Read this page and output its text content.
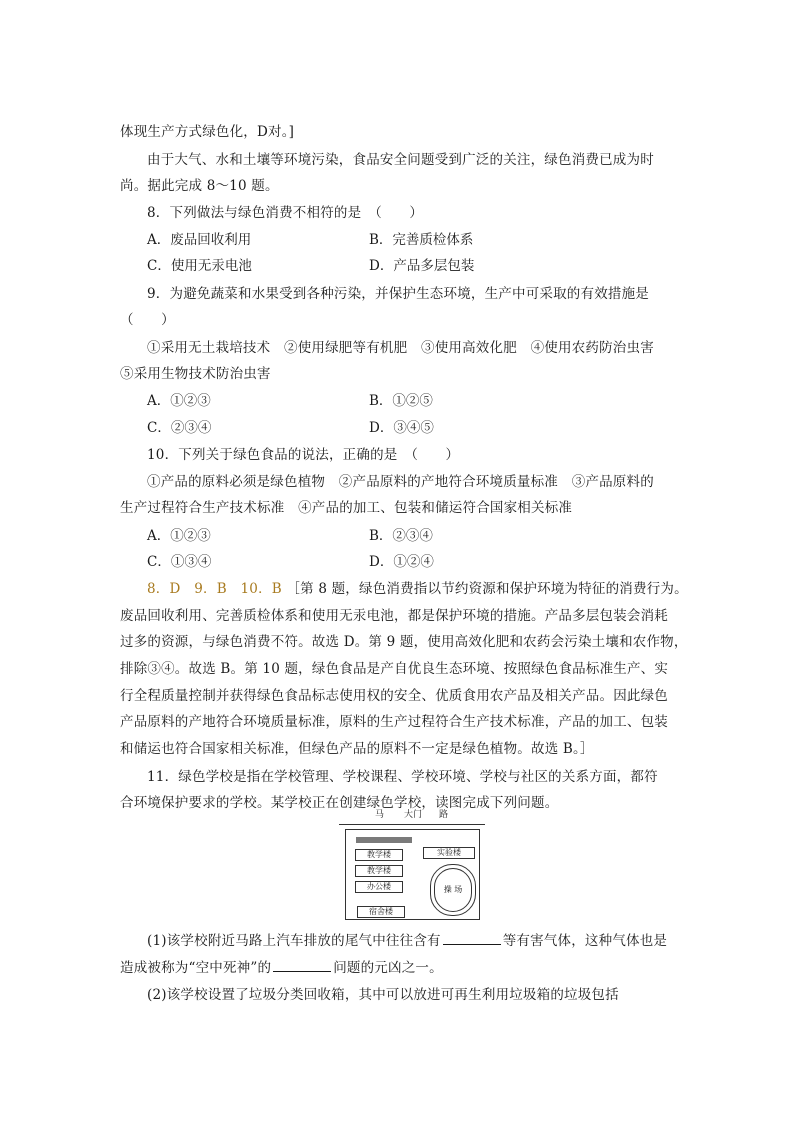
体现生产方式绿色化，D对。]
由于大气、水和土壤等环境污染，食品安全问题受到广泛的关注，绿色消费已成为时
尚。据此完成 8～10 题。
8．下列做法与绿色消费不相符的是　（　　）
A．废品回收利用	B．完善质检体系
C．使用无汞电池	D．产品多层包装
9．为避免蔬菜和水果受到各种污染，并保护生态环境，生产中可采取的有效措施是
（　　）
①采用无土栽培技术　②使用绿肥等有机肥　③使用高效化肥　④使用农药防治虫害
⑤采用生物技术防治虫害
A．①②③	B．①②⑤
C．②③④	D．③④⑤
10．下列关于绿色食品的说法，正确的是　（　　）
①产品的原料必须是绿色植物　②产品原料的产地符合环境质量标准　③产品原料的
生产过程符合生产技术标准　④产品的加工、包装和储运符合国家相关标准
A．①②③	B．②③④
C．①③④	D．①②④
8．D　9．B　10．B ［第 8 题，绿色消费指以节约资源和保护环境为特征的消费行为。
废品回收利用、完善质检体系和使用无汞电池，都是保护环境的措施。产品多层包装会消耗
过多的资源，与绿色消费不符。故选 D。第 9 题，使用高效化肥和农药会污染土壤和农作物，
排除③④。故选 B。第 10 题，绿色食品是产自优良生态环境、按照绿色食品标准生产、实
行全程质量控制并获得绿色食品标志使用权的安全、优质食用农产品及相关产品。因此绿色
产品原料的产地符合环境质量标准，原料的生产过程符合生产技术标准，产品的加工、包装
和储运也符合国家相关标准，但绿色产品的原料不一定是绿色植物。故选 B。］
11．绿色学校是指在学校管理、学校课程、学校环境、学校与社区的关系方面，都符
合环境保护要求的学校。某学校正在创建绿色学校，读图完成下列问题。
马 大门 路
教学楼
教学楼
办公楼
实验楼
操 场
宿舍楼
(1)该学校附近马路上汽车排放的尾气中往往含有	等有害气体，这种气体也是
造成被称为“空中死神”的	问题的元凶之一。
(2)该学校设置了垃圾分类回收箱，其中可以放进可再生利用垃圾箱的垃圾包括
